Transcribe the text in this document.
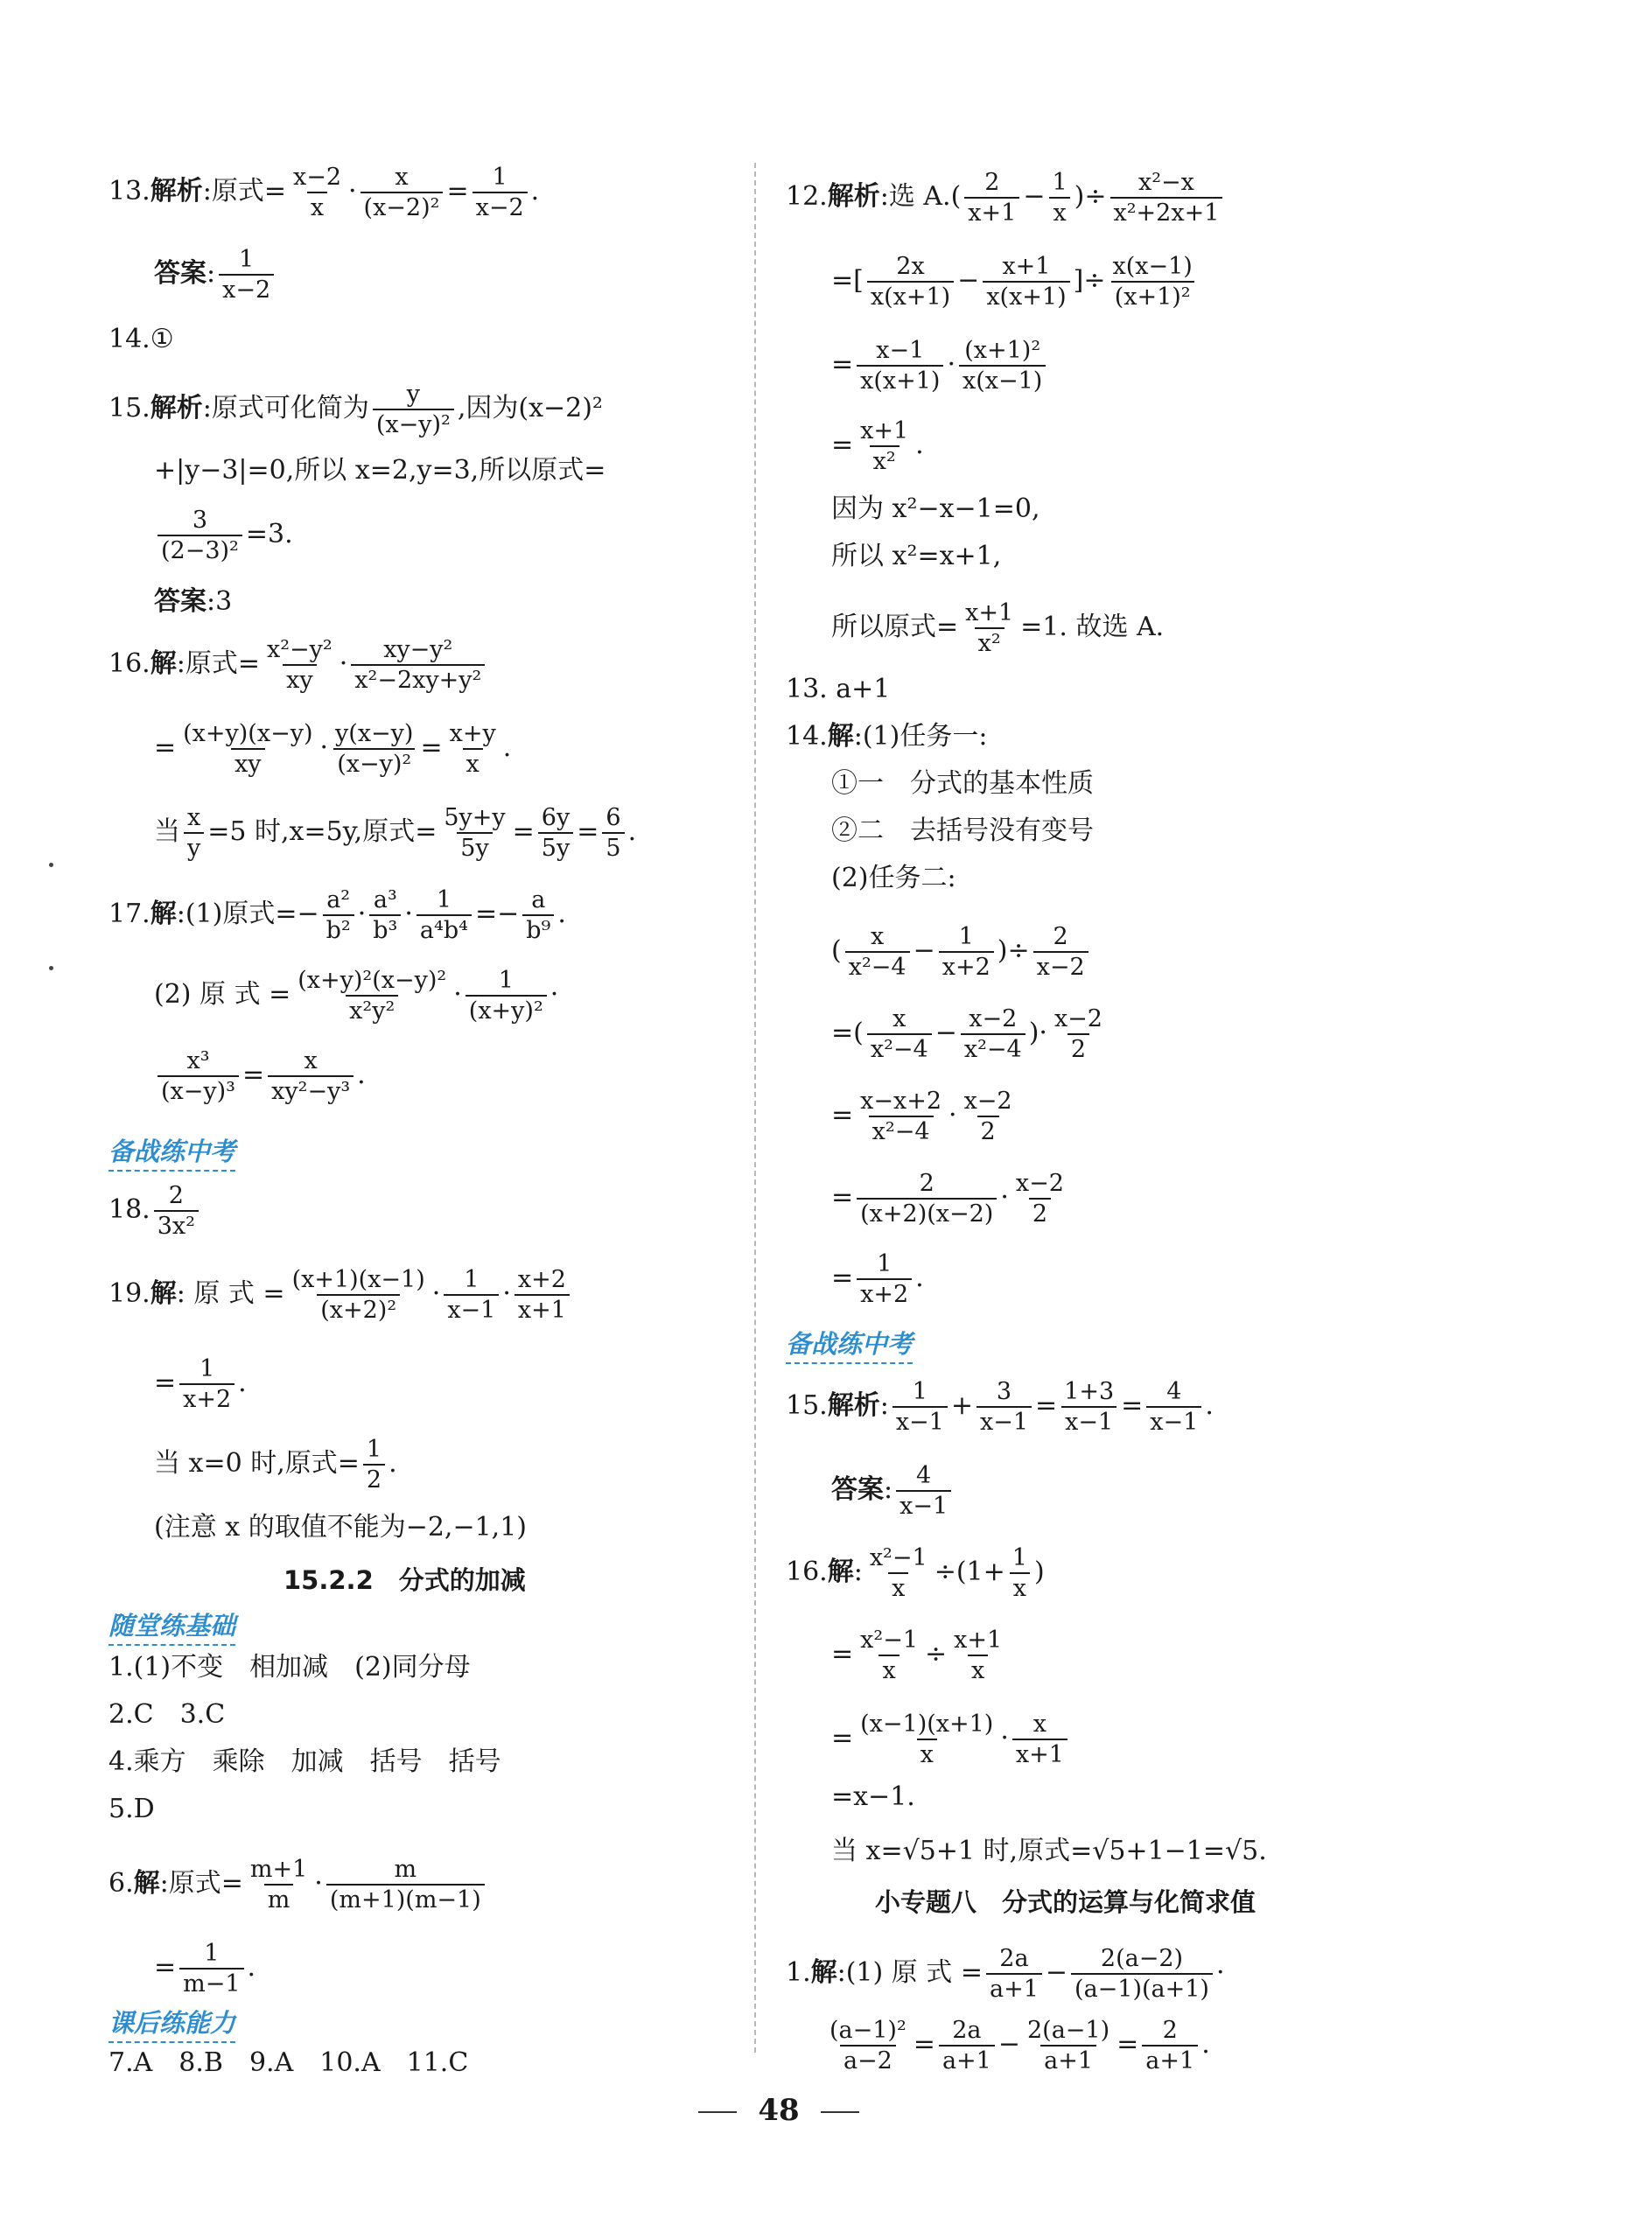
13.解析:原式= $\frac{x-2}{x} \cdot \frac{x}{\text{(x−2)²}} = \frac{1}{x-2}$ .
答案: $\frac{1}{x-2}$
14.①
15.解析:原式可化简为 $\frac{y}{\text{(x−y)²}}$ ,因为(x−2)²
+|y−3|=0,所以 x=2,y=3,所以原式=
$\frac{3}{\text{(2−3)²}} =3$.
答案:3
16.解:原式= $\frac{\text{x²−y²}}{xy} \cdot \frac{\text{xy−y²}}{\text{x²−2xy+y²}}$
= $\frac{(x+y)(x-y)}{xy} \cdot \frac{y(x-y)}{\text{(x−y)²}} = \frac{x+y}{x}$ .
当 $\frac{x}{y} =5$ 时,x=5y,原式= $\frac{5y+y}{5y} = \frac{6y}{5y} = \frac{6}{5}$ .
17.解:(1)原式=− $\frac{\text{a²}}{\text{b²}} \cdot \frac{\text{a³}}{\text{b³}} \cdot \frac{1}{\text{a⁴b⁴}} =- \frac{a}{\text{b⁹}}$ .
(2) 原 式 = $\frac{\text{(x+y)²(x−y)²}}{\text{x²y²}} \cdot \frac{1}{\text{(x+y)²}}$ ·
$\frac{\text{x³}}{\text{(x−y)³}} = \frac{x}{\text{xy²−y³}}$ .
备战练中考
18. $\frac{2}{\text{3x²}}$
19.解: 原 式 = $\frac{(x+1)(x-1)}{\text{(x+2)²}} \cdot \frac{1}{x-1} \cdot \frac{x+2}{x+1}$
= $\frac{1}{x+2}$ .
当 x=0 时,原式= $\frac{1}{2}$ .
(注意 x 的取值不能为−2,−1,1)
15.2.2　分式的加减
随堂练基础
1.(1)不变　相加减　(2)同分母
2.C　3.C
4.乘方　乘除　加减　括号　括号
5.D
6.解:原式= $\frac{m+1}{m} \cdot \frac{m}{(m+1)(m-1)}$
= $\frac{1}{m-1}$ .
课后练能力
7.A　8.B　9.A　10.A　11.C
12.解析:选 $A.( \frac{2}{x+1} - \frac{1}{x}$ )÷ $\frac{\text{x²−x}}{\text{x²+2x+1}}$
=[ $\frac{2x}{x(x+1)} - \frac{x+1}{x(x+1)}$ ]÷ $\frac{x(x-1)}{\text{(x+1)²}}$
= $\frac{x-1}{x(x+1)} \cdot \frac{\text{(x+1)²}}{x(x-1)}$
= $\frac{x+1}{\text{x²}}$ .
因为 x²−x−1=0,
所以 x²=x+1,
所以原式= $\frac{x+1}{\text{x²}} =1$. 故选 A.
13. a+1
14.解:(1)任务一:
①一　分式的基本性质
②二　去括号没有变号
(2)任务二:
( $\frac{x}{\text{x²−4}} - \frac{1}{x+2}$ )÷ $\frac{2}{x-2}$
=( $\frac{x}{\text{x²−4}} - \frac{x-2}{\text{x²−4}}$ )· $\frac{x-2}{2}$
= $\frac{x-x+2}{\text{x²−4}} \cdot \frac{x-2}{2}$
= $\frac{2}{(x+2)(x-2)} \cdot \frac{x-2}{2}$
= $\frac{1}{x+2}$ .
备战练中考
15.解析: $\frac{1}{x-1} + \frac{3}{x-1} = \frac{1+3}{x-1} = \frac{4}{x-1}$ .
答案: $\frac{4}{x-1}$
16.解: $\frac{\text{x²−1}}{x} \div(1+ \frac{1}{x}$ )
= $\frac{\text{x²−1}}{x} \div \frac{x+1}{x}$
= $\frac{(x-1)(x+1)}{x} \cdot \frac{x}{x+1}$
=x−1.
当 x=√5+1 时,原式=√5+1−1=√5.
小专题八　分式的运算与化简求值
1.解:(1) 原 式 = $\frac{2a}{a+1} - \frac{2(a-2)}{(a-1)(a+1)}$ ·
$\frac{\text{(a−1)²}}{a-2} = \frac{2a}{a+1} - \frac{2(a-1)}{a+1} = \frac{2}{a+1}$ .
48
